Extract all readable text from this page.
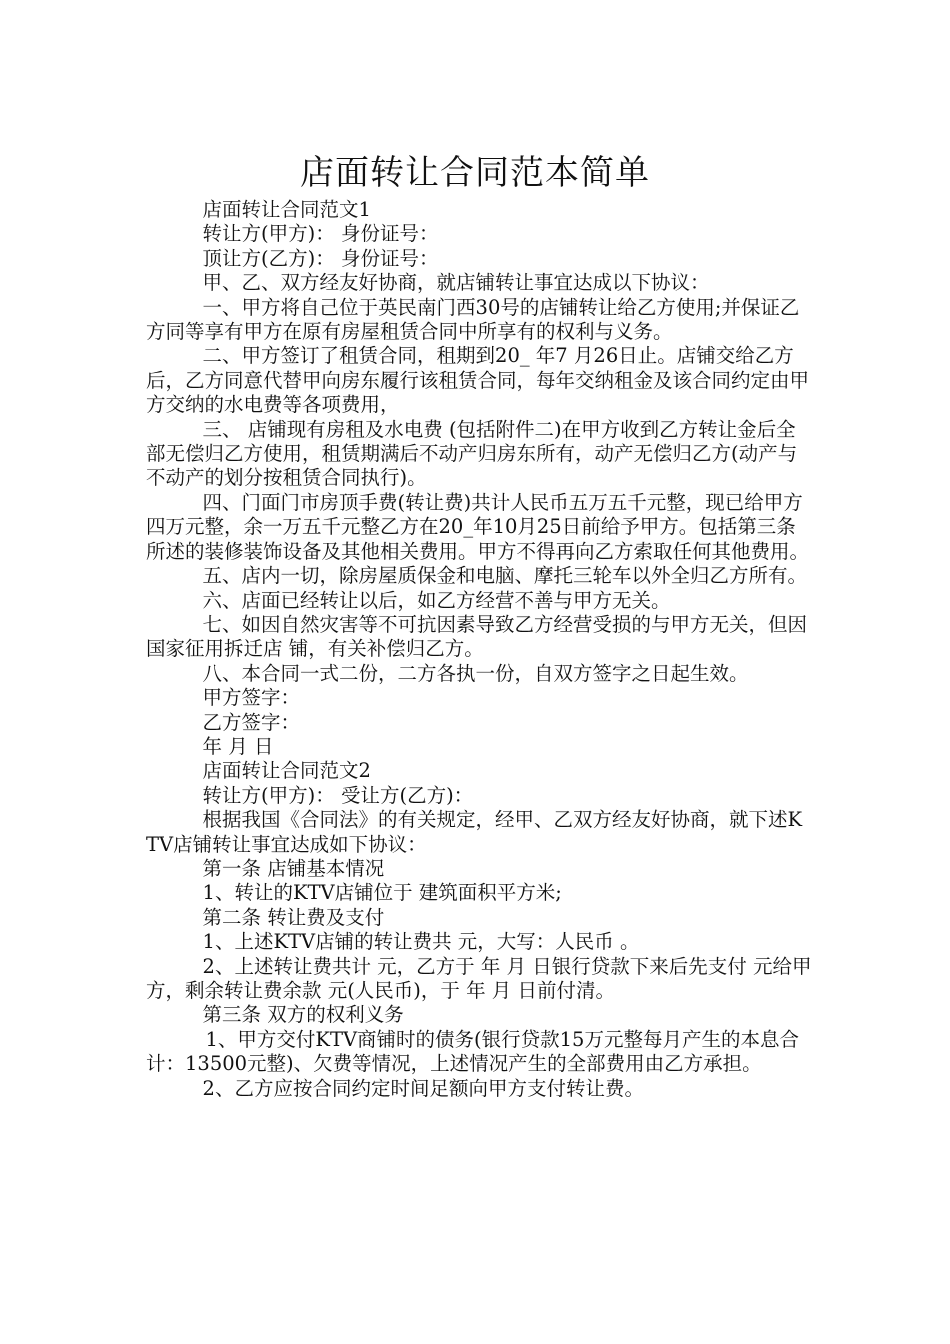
店面转让合同范本简单

店面转让合同范文1

转让方(甲方)： 身份证号：

顶让方(乙方)： 身份证号：

甲、乙、双方经友好协商，就店铺转让事宜达成以下协议：

一、甲方将自己位于英民南门西30号的店铺转让给乙方使用;并保证乙方同等享有甲方在原有房屋租赁合同中所享有的权利与义务。

二、甲方签订了租赁合同，租期到20_ 年7 月26日止。店铺交给乙方后，乙方同意代替甲向房东履行该租赁合同，每年交纳租金及该合同约定由甲方交纳的水电费等各项费用，

三、 店铺现有房租及水电费 (包括附件二)在甲方收到乙方转让金后全部无偿归乙方使用，租赁期满后不动产归房东所有，动产无偿归乙方(动产与不动产的划分按租赁合同执行)。

四、门面门市房顶手费(转让费)共计人民币五万五千元整，现已给甲方四万元整，余一万五千元整乙方在20_年10月25日前给予甲方。包括第三条所述的装修装饰设备及其他相关费用。甲方不得再向乙方索取任何其他费用。

五、店内一切，除房屋质保金和电脑、摩托三轮车以外全归乙方所有。

六、店面已经转让以后，如乙方经营不善与甲方无关。

七、如因自然灾害等不可抗因素导致乙方经营受损的与甲方无关，但因国家征用拆迁店 铺，有关补偿归乙方。

八、本合同一式二份，二方各执一份，自双方签字之日起生效。

甲方签字：

乙方签字：

年 月 日

店面转让合同范文2

转让方(甲方)： 受让方(乙方)：

根据我国《合同法》的有关规定，经甲、乙双方经友好协商，就下述KTV店铺转让事宜达成如下协议：

第一条 店铺基本情况

1、转让的KTV店铺位于 建筑面积平方米;

第二条 转让费及支付

1、上述KTV店铺的转让费共 元，大写：人民币 。

2、上述转让费共计 元，乙方于 年 月 日银行贷款下来后先支付 元给甲方，剩余转让费余款 元(人民币)，于 年 月 日前付清。

第三条 双方的权利义务

1、甲方交付KTV商铺时的债务(银行贷款15万元整每月产生的本息合计：13500元整)、欠费等情况，上述情况产生的全部费用由乙方承担。

2、乙方应按合同约定时间足额向甲方支付转让费。
